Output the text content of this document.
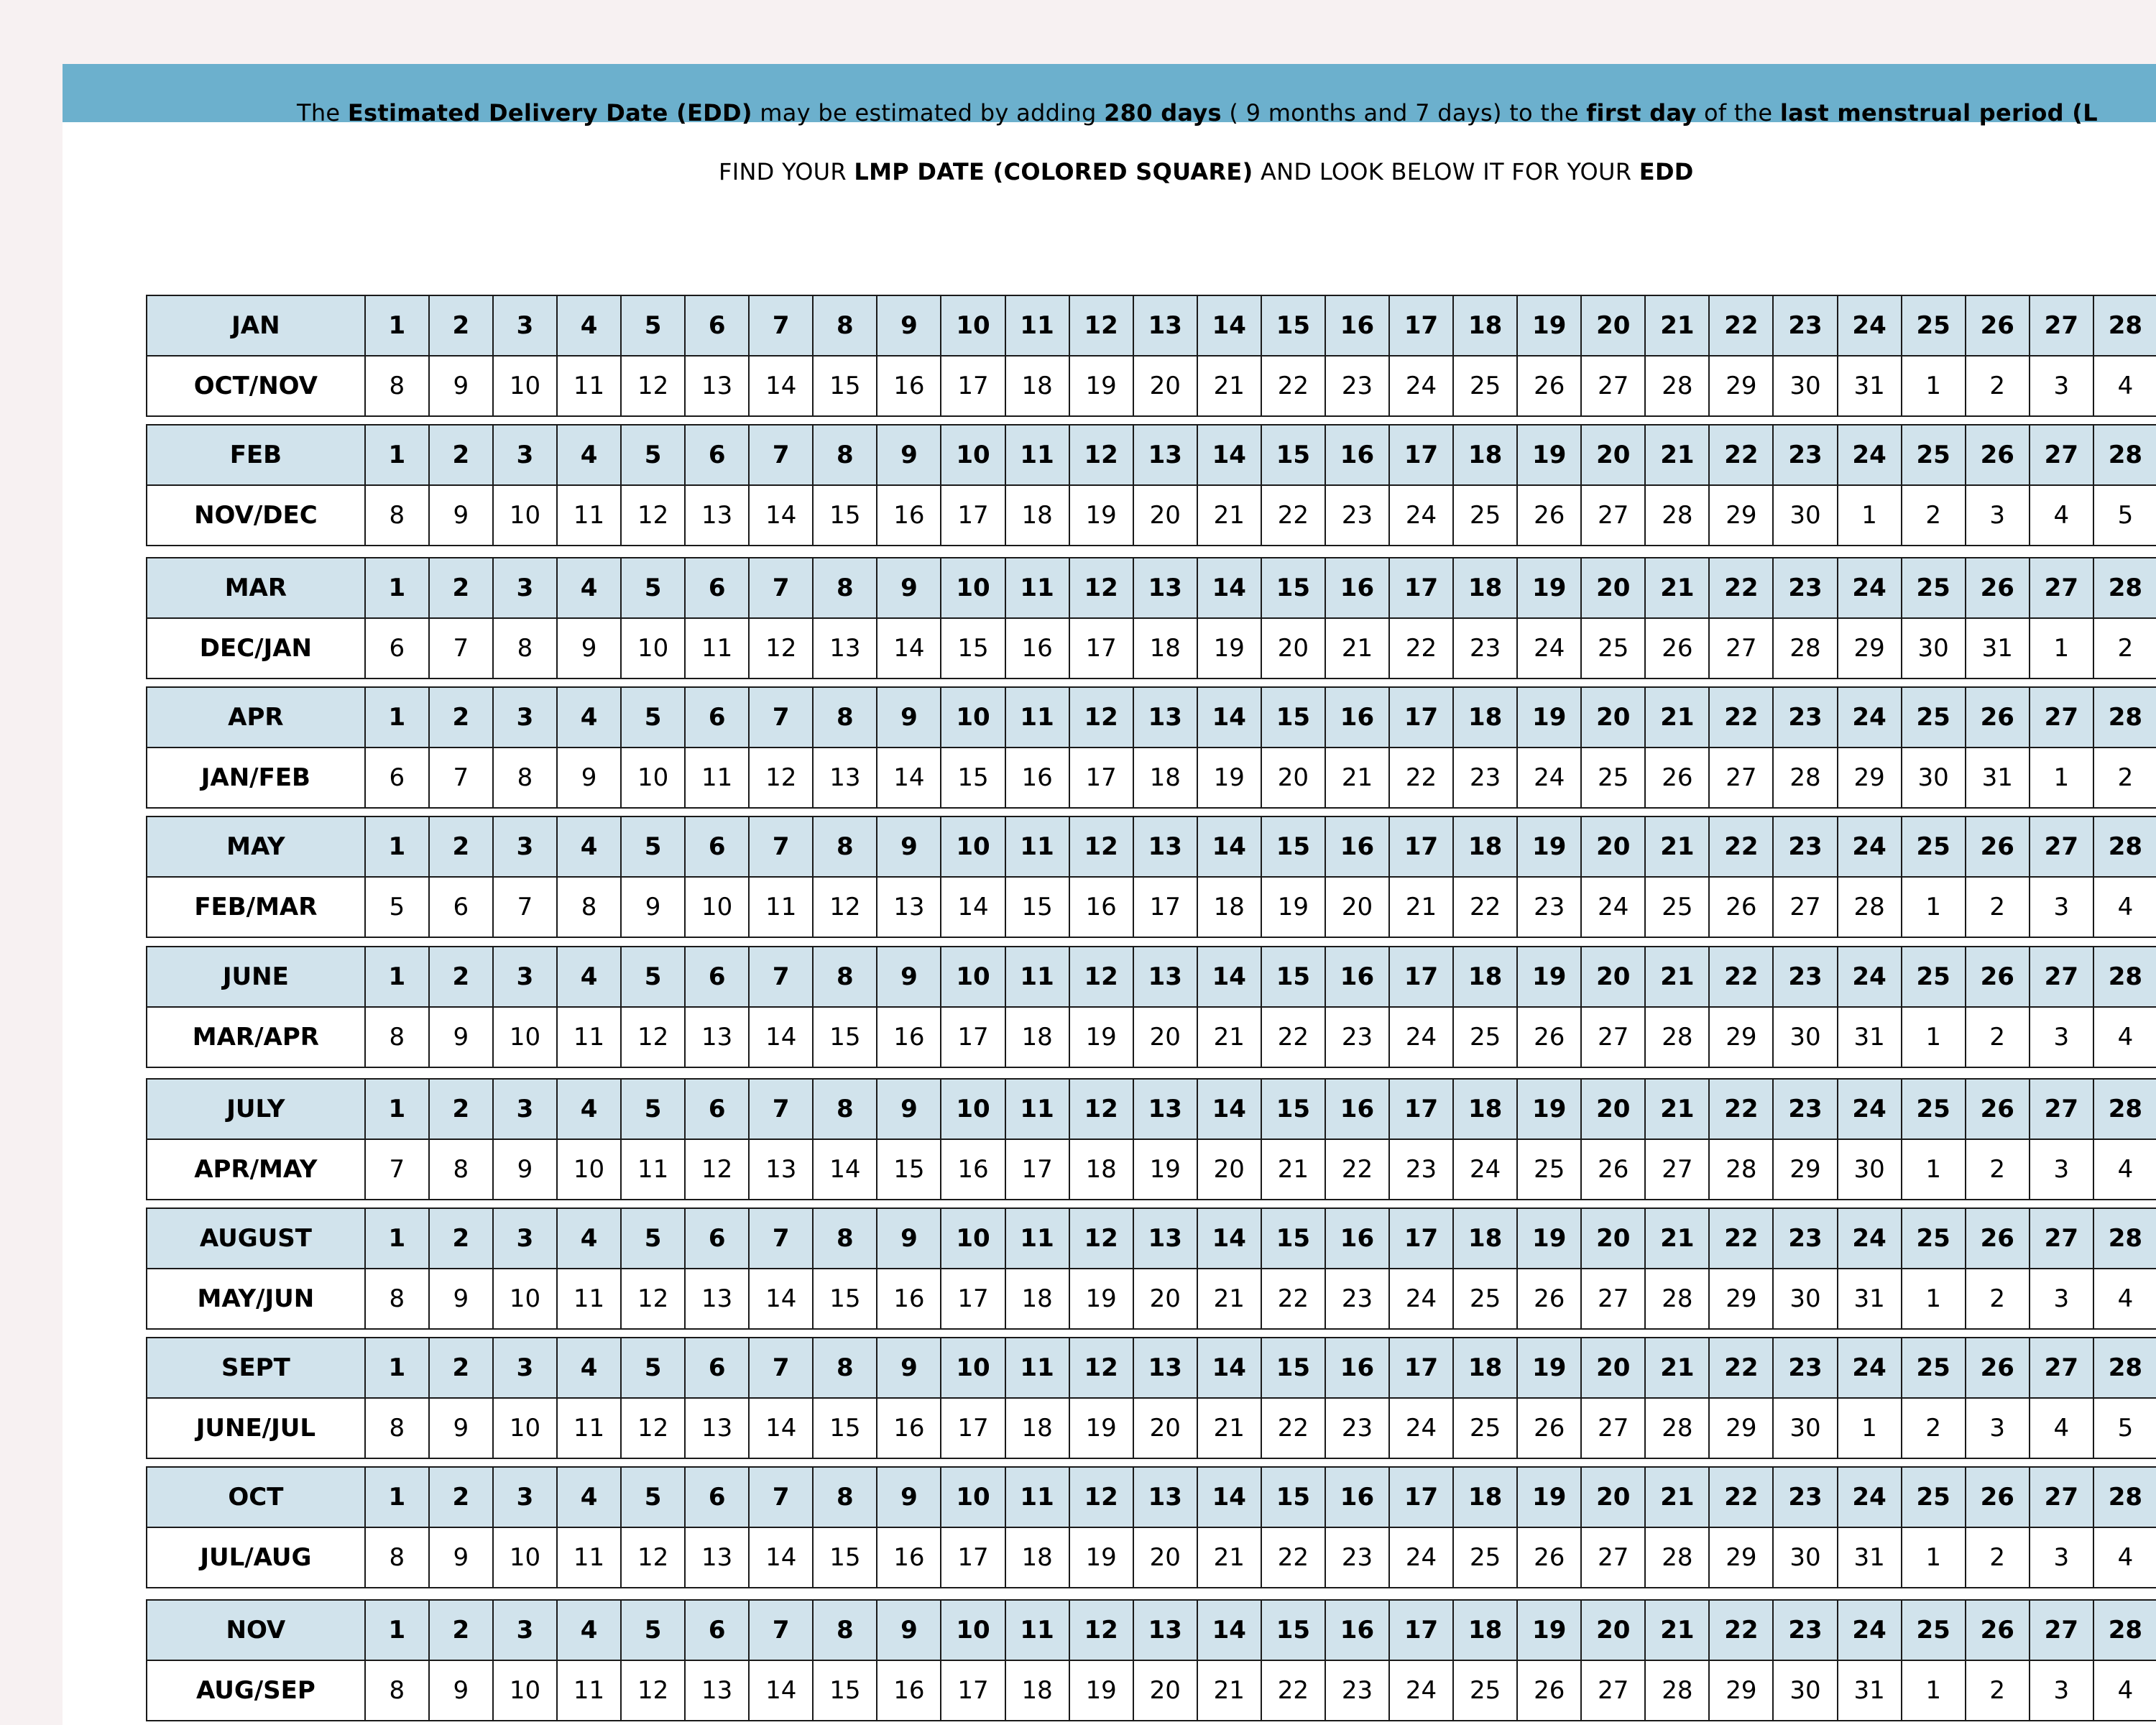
The Estimated Delivery Date (EDD) may be estimated by adding 280 days ( 9 months and 7 days) to the first day of the last menstrual period (L
FIND YOUR LMP DATE (COLORED SQUARE) AND LOOK BELOW IT FOR YOUR EDD
JAN	1	2	3	4	5	6	7	8	9	10	11	12	13	14	15	16	17	18	19	20	21	22	23	24	25	26	27	28
OCT/NOV	8	9	10	11	12	13	14	15	16	17	18	19	20	21	22	23	24	25	26	27	28	29	30	31	1	2	3	4
FEB	1	2	3	4	5	6	7	8	9	10	11	12	13	14	15	16	17	18	19	20	21	22	23	24	25	26	27	28
NOV/DEC	8	9	10	11	12	13	14	15	16	17	18	19	20	21	22	23	24	25	26	27	28	29	30	1	2	3	4	5
MAR	1	2	3	4	5	6	7	8	9	10	11	12	13	14	15	16	17	18	19	20	21	22	23	24	25	26	27	28
DEC/JAN	6	7	8	9	10	11	12	13	14	15	16	17	18	19	20	21	22	23	24	25	26	27	28	29	30	31	1	2
APR	1	2	3	4	5	6	7	8	9	10	11	12	13	14	15	16	17	18	19	20	21	22	23	24	25	26	27	28
JAN/FEB	6	7	8	9	10	11	12	13	14	15	16	17	18	19	20	21	22	23	24	25	26	27	28	29	30	31	1	2
MAY	1	2	3	4	5	6	7	8	9	10	11	12	13	14	15	16	17	18	19	20	21	22	23	24	25	26	27	28
FEB/MAR	5	6	7	8	9	10	11	12	13	14	15	16	17	18	19	20	21	22	23	24	25	26	27	28	1	2	3	4
JUNE	1	2	3	4	5	6	7	8	9	10	11	12	13	14	15	16	17	18	19	20	21	22	23	24	25	26	27	28
MAR/APR	8	9	10	11	12	13	14	15	16	17	18	19	20	21	22	23	24	25	26	27	28	29	30	31	1	2	3	4
JULY	1	2	3	4	5	6	7	8	9	10	11	12	13	14	15	16	17	18	19	20	21	22	23	24	25	26	27	28
APR/MAY	7	8	9	10	11	12	13	14	15	16	17	18	19	20	21	22	23	24	25	26	27	28	29	30	1	2	3	4
AUGUST	1	2	3	4	5	6	7	8	9	10	11	12	13	14	15	16	17	18	19	20	21	22	23	24	25	26	27	28
MAY/JUN	8	9	10	11	12	13	14	15	16	17	18	19	20	21	22	23	24	25	26	27	28	29	30	31	1	2	3	4
SEPT	1	2	3	4	5	6	7	8	9	10	11	12	13	14	15	16	17	18	19	20	21	22	23	24	25	26	27	28
JUNE/JUL	8	9	10	11	12	13	14	15	16	17	18	19	20	21	22	23	24	25	26	27	28	29	30	1	2	3	4	5
OCT	1	2	3	4	5	6	7	8	9	10	11	12	13	14	15	16	17	18	19	20	21	22	23	24	25	26	27	28
JUL/AUG	8	9	10	11	12	13	14	15	16	17	18	19	20	21	22	23	24	25	26	27	28	29	30	31	1	2	3	4
NOV	1	2	3	4	5	6	7	8	9	10	11	12	13	14	15	16	17	18	19	20	21	22	23	24	25	26	27	28
AUG/SEP	8	9	10	11	12	13	14	15	16	17	18	19	20	21	22	23	24	25	26	27	28	29	30	31	1	2	3	4
